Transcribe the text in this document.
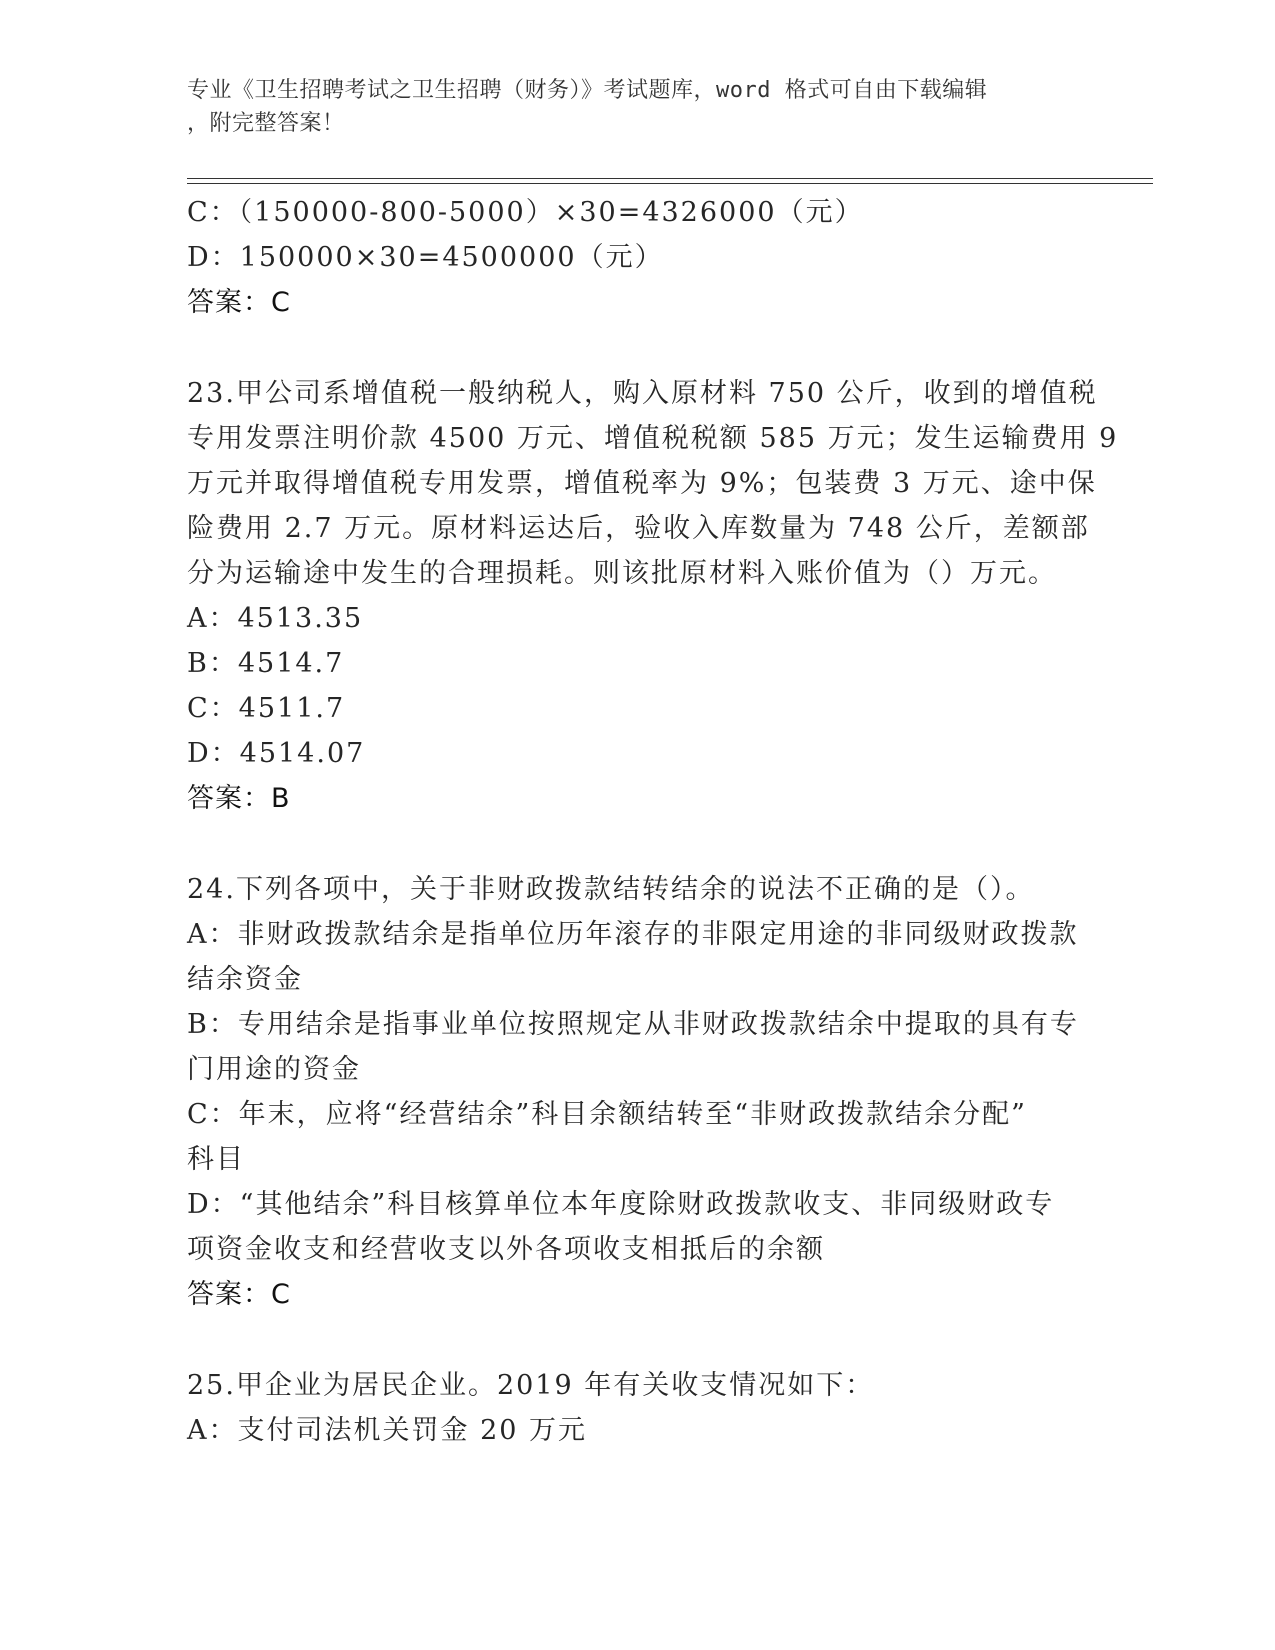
专业《卫生招聘考试之卫生招聘（财务）》考试题库，word 格式可自由下载编辑
，附完整答案！
C：（150000-800-5000）×30=4326000（元）
D：150000×30=4500000（元）
答案：C
23.甲公司系增值税一般纳税人，购入原材料 750 公斤，收到的增值税
专用发票注明价款 4500 万元、增值税税额 585 万元；发生运输费用 9
万元并取得增值税专用发票，增值税率为 9%；包装费 3 万元、途中保
险费用 2.7 万元。原材料运达后，验收入库数量为 748 公斤，差额部
分为运输途中发生的合理损耗。则该批原材料入账价值为（）万元。
A：4513.35
B：4514.7
C：4511.7
D：4514.07
答案：B
24.下列各项中，关于非财政拨款结转结余的说法不正确的是（）。
A：非财政拨款结余是指单位历年滚存的非限定用途的非同级财政拨款
结余资金
B：专用结余是指事业单位按照规定从非财政拨款结余中提取的具有专
门用途的资金
C：年末，应将“经营结余”科目余额结转至“非财政拨款结余分配”
科目
D：“其他结余”科目核算单位本年度除财政拨款收支、非同级财政专
项资金收支和经营收支以外各项收支相抵后的余额
答案：C
25.甲企业为居民企业。2019 年有关收支情况如下：
A：支付司法机关罚金 20 万元
